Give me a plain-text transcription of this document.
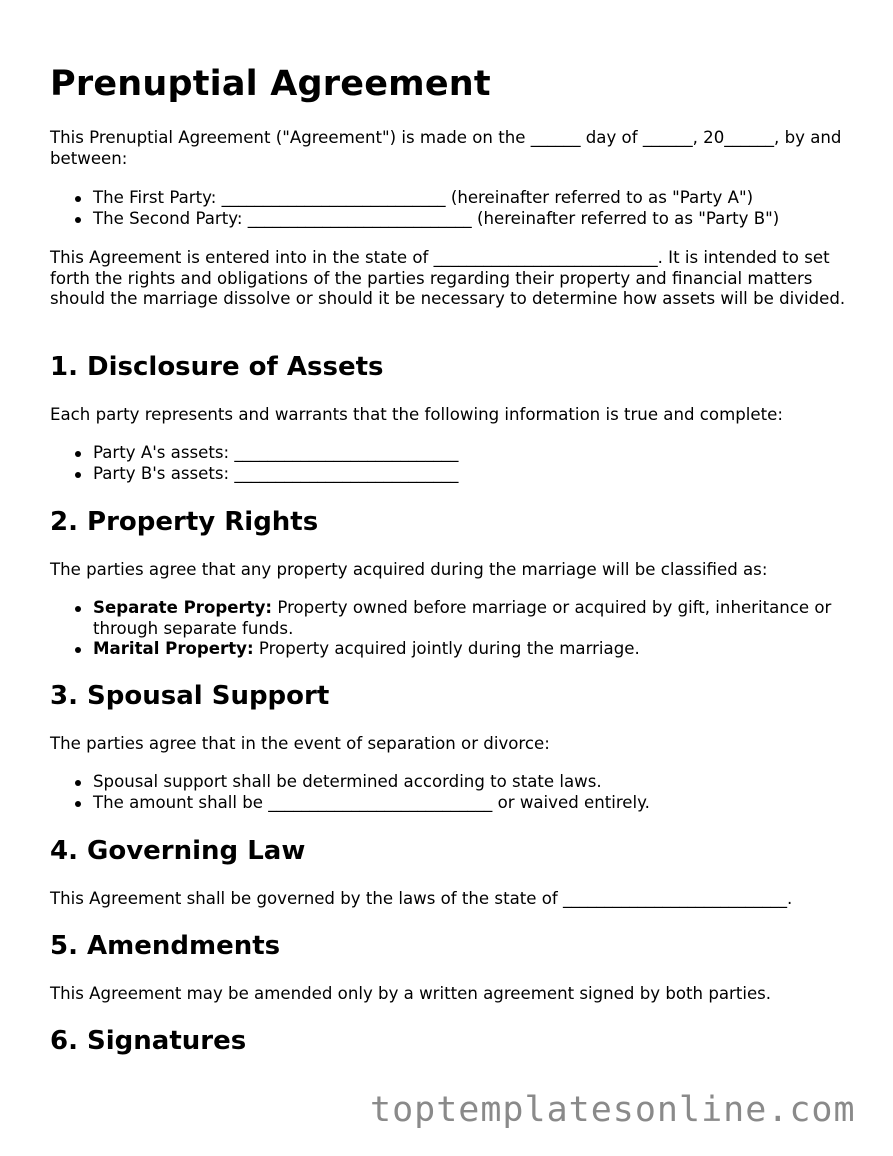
Prenuptial Agreement

This Prenuptial Agreement ("Agreement") is made on the ______ day of ______, 20______, by and between:

The First Party: ___________________________ (hereinafter referred to as "Party A")
The Second Party: ___________________________ (hereinafter referred to as "Party B")

This Agreement is entered into in the state of ___________________________. It is intended to set forth the rights and obligations of the parties regarding their property and financial matters should the marriage dissolve or should it be necessary to determine how assets will be divided.

1. Disclosure of Assets

Each party represents and warrants that the following information is true and complete:

Party A's assets: ___________________________
Party B's assets: ___________________________
2. Property Rights

The parties agree that any property acquired during the marriage will be classified as:

Separate Property: Property owned before marriage or acquired by gift, inheritance or through separate funds.
Marital Property: Property acquired jointly during the marriage.
3. Spousal Support

The parties agree that in the event of separation or divorce:

Spousal support shall be determined according to state laws.
The amount shall be ___________________________ or waived entirely.
4. Governing Law

This Agreement shall be governed by the laws of the state of ___________________________.

5. Amendments

This Agreement may be amended only by a written agreement signed by both parties.

6. Signatures
toptemplatesonline.com
